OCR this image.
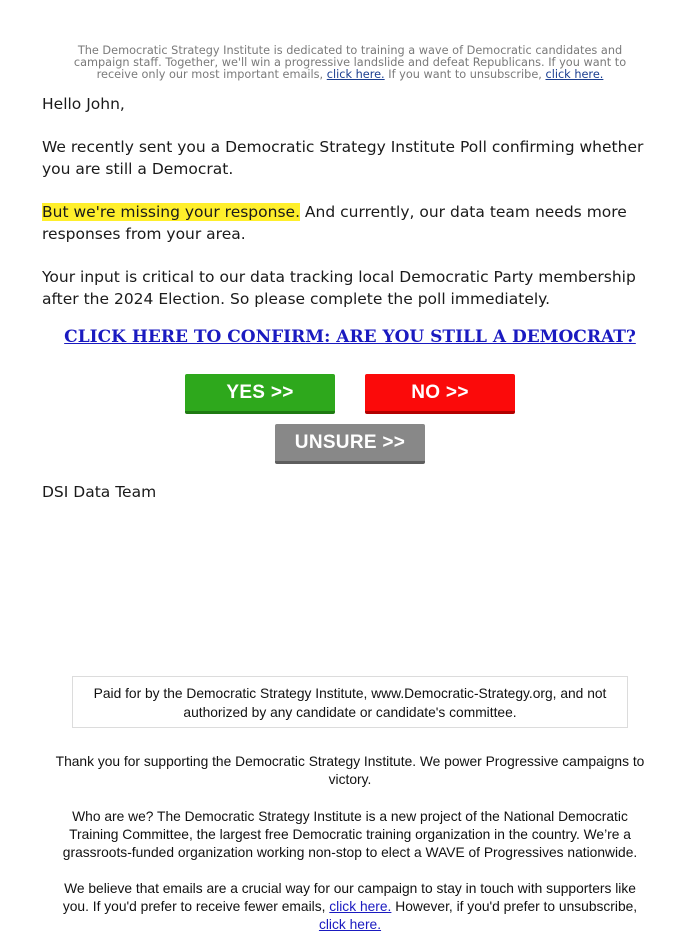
The Democratic Strategy Institute is dedicated to training a wave of Democratic candidates and campaign staff. Together, we'll win a progressive landslide and defeat Republicans. If you want to receive only our most important emails, click here. If you want to unsubscribe, click here.
Hello John,
We recently sent you a Democratic Strategy Institute Poll confirming whether you are still a Democrat.
But we're missing your response. And currently, our data team needs more responses from your area.
Your input is critical to our data tracking local Democratic Party membership after the 2024 Election. So please complete the poll immediately.
CLICK HERE TO CONFIRM: ARE YOU STILL A DEMOCRAT?
YES >>	NO >>
UNSURE >>
DSI Data Team
Paid for by the Democratic Strategy Institute, www.Democratic-Strategy.org, and not authorized by any candidate or candidate's committee.
Thank you for supporting the Democratic Strategy Institute. We power Progressive campaigns to victory.
Who are we? The Democratic Strategy Institute is a new project of the National Democratic Training Committee, the largest free Democratic training organization in the country. We’re a grassroots-funded organization working non-stop to elect a WAVE of Progressives nationwide.
We believe that emails are a crucial way for our campaign to stay in touch with supporters like you. If you'd prefer to receive fewer emails, click here. However, if you'd prefer to unsubscribe, click here.
